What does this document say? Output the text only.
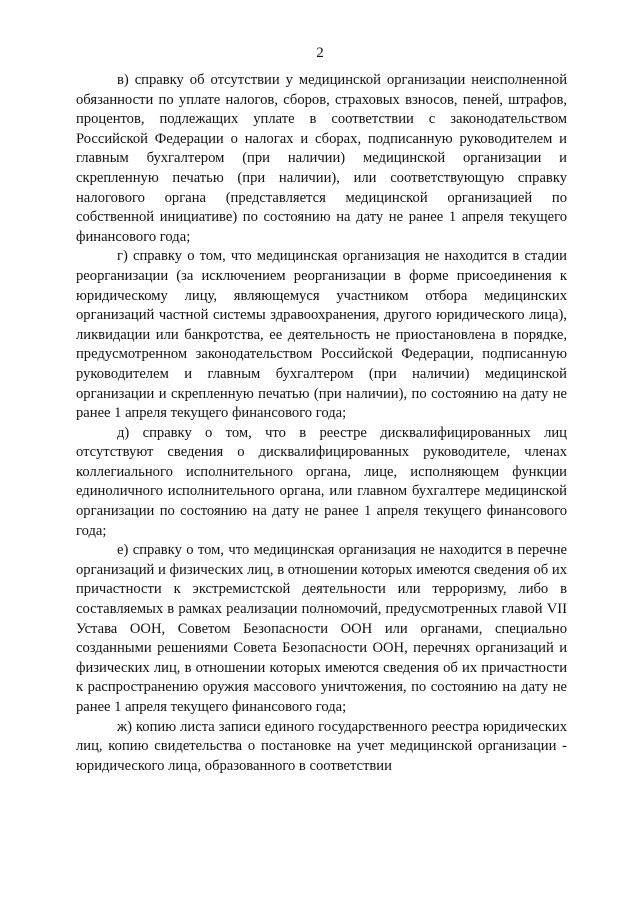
2

в) справку об отсутствии у медицинской организации неисполненной обязанности по уплате налогов, сборов, страховых взносов, пеней, штрафов, процентов, подлежащих уплате в соответствии с законодательством Российской Федерации о налогах и сборах, подписанную руководителем и главным бухгалтером (при наличии) медицинской организации и скрепленную печатью (при наличии), или соответствующую справку налогового органа (представляется медицинской организацией по собственной инициативе) по состоянию на дату не ранее 1 апреля текущего финансового года;

г) справку о том, что медицинская организация не находится в стадии реорганизации (за исключением реорганизации в форме присоединения к юридическому лицу, являющемуся участником отбора медицинских организаций частной системы здравоохранения, другого юридического лица), ликвидации или банкротства, ее деятельность не приостановлена в порядке, предусмотренном законодательством Российской Федерации, подписанную руководителем и главным бухгалтером (при наличии) медицинской организации и скрепленную печатью (при наличии), по состоянию на дату не ранее 1 апреля текущего финансового года;

д) справку о том, что в реестре дисквалифицированных лиц отсутствуют сведения о дисквалифицированных руководителе, членах коллегиального исполнительного органа, лице, исполняющем функции единоличного исполнительного органа, или главном бухгалтере медицинской организации по состоянию на дату не ранее 1 апреля текущего финансового года;

е) справку о том, что медицинская организация не находится в перечне организаций и физических лиц, в отношении которых имеются сведения об их причастности к экстремистской деятельности или терроризму, либо в составляемых в рамках реализации полномочий, предусмотренных главой VII Устава ООН, Советом Безопасности ООН или органами, специально созданными решениями Совета Безопасности ООН, перечнях организаций и физических лиц, в отношении которых имеются сведения об их причастности к распространению оружия массового уничтожения, по состоянию на дату не ранее 1 апреля текущего финансового года;

ж) копию листа записи единого государственного реестра юридических лиц, копию свидетельства о постановке на учет медицинской организации - юридического лица, образованного в соответствии
